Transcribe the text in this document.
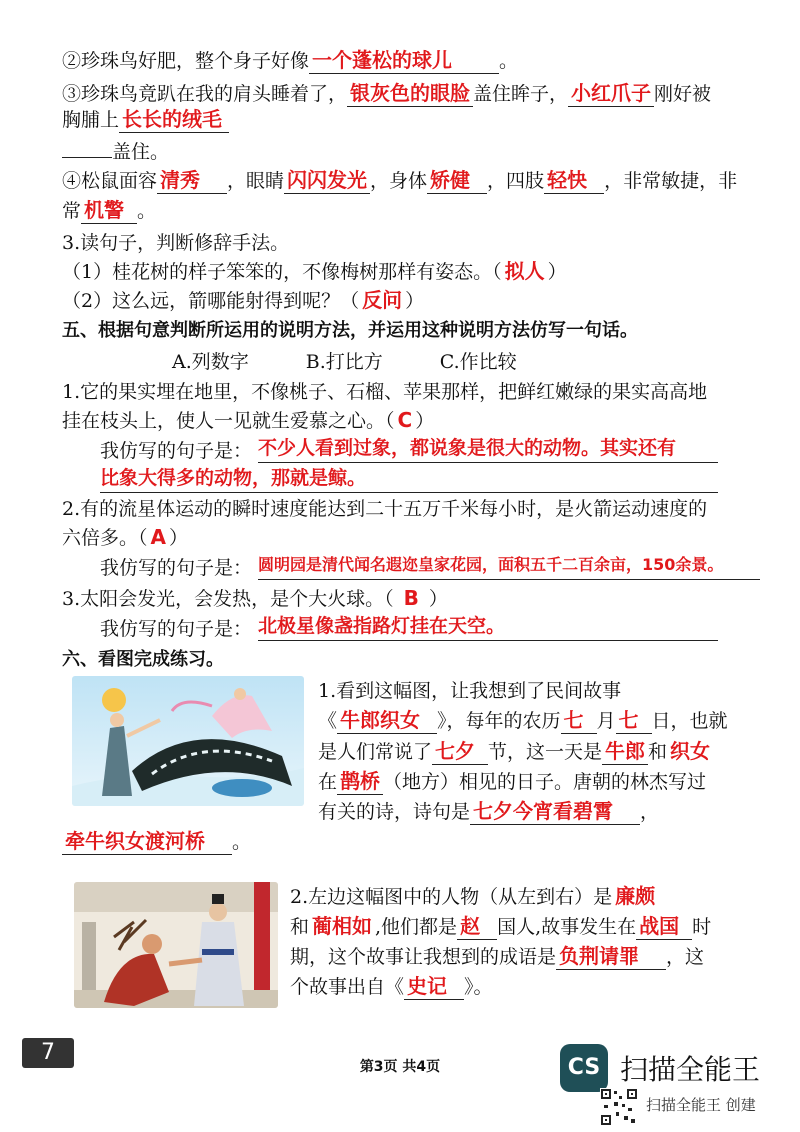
②珍珠鸟好肥，整个身子好像 一个蓬松的球儿 。
③珍珠鸟竟趴在我的肩头睡着了， 银灰色的眼脸 盖住眸子， 小红爪子 刚好被
胸脯上 长长的绒毛
盖住。
④松鼠面容 清秀 ，眼睛 闪闪发光 ，身体 矫健 ，四肢 轻快 ，非常敏捷，非
常 机警 。
3.读句子，判断修辞手法。
（1）桂花树的样子笨笨的，不像梅树那样有姿态。（ 拟人 ）
（2）这么远，箭哪能射得到呢？（ 反问 ）
五、根据句意判断所运用的说明方法，并运用这种说明方法仿写一句话。
A.列数字　　　B.打比方　　　C.作比较
1.它的果实埋在地里，不像桃子、石榴、苹果那样，把鲜红嫩绿的果实高高地
挂在枝头上，使人一见就生爱慕之心。（ C ）
我仿写的句子是： 不少人看到过象，都说象是很大的动物。其实还有
比象大得多的动物，那就是鲸。
2.有的流星体运动的瞬时速度能达到二十五万千米每小时，是火箭运动速度的
六倍多。（ A ）
我仿写的句子是： 圆明园是清代闻名遐迩皇家花园，面积五千二百余亩，150余景。
3.太阳会发光，会发热，是个大火球。（ B ）
我仿写的句子是： 北极星像盏指路灯挂在天空。
六、看图完成练习。
1.看到这幅图，让我想到了民间故事
《 牛郎织女 》，每年的农历 七 月 七 日，也就
是人们常说了 七夕 节，这一天是 牛郎 和 织女
在 鹊桥 （地方）相见的日子。唐朝的林杰写过
有关的诗，诗句是 七夕今宵看碧霄 ，
牵牛织女渡河桥 。
2.左边这幅图中的人物（从左到右）是 廉颇
和 蔺相如 ,他们都是 赵 国人,故事发生在 战国 时
期，这个故事让我想到的成语是 负荆请罪 ，这
个故事出自《 史记 》。
7
第3页 共4页	CS 扫描全能王
扫描全能王 创建
